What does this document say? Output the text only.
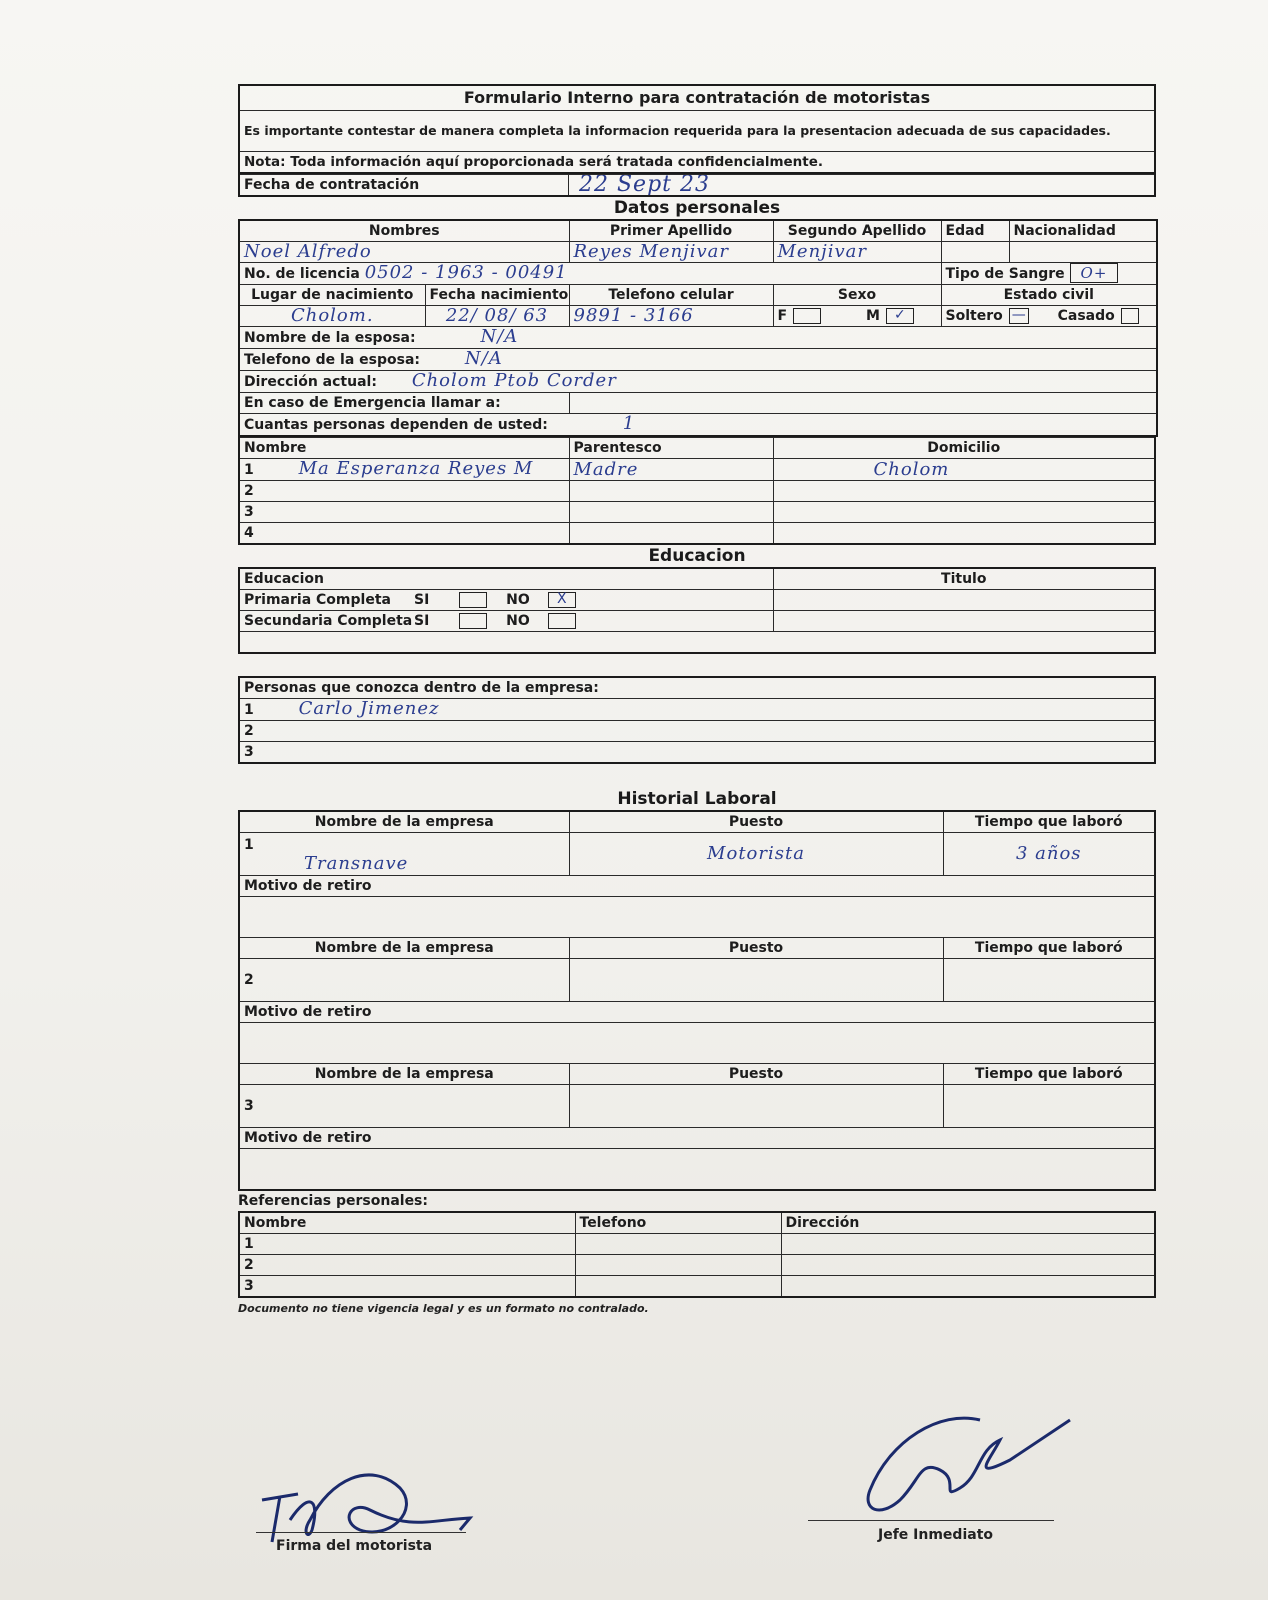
Formulario Interno para contratación de motoristas
Es importante contestar de manera completa la informacion requerida para la presentacion adecuada de sus capacidades.
Nota: Toda información aquí proporcionada será tratada confidencialmente.
Fecha de contratación	22 Sept 23
Datos personales
Nombres		Primer Apellido	Segundo Apellido	Edad	Nacionalidad
Noel Alfredo		Reyes Menjivar	Menjivar		
No. de licencia 0502 - 1963 - 00491				Tipo de Sangre O+	
Lugar de nacimiento	Fecha nacimiento	Telefono celular	Sexo	Estado civil	
Cholom.	22/ 08/ 63	9891 - 3166	F M ✓	Soltero — Casado	
Nombre de la esposa: N/A					
Telefono de la esposa: N/A					
Dirección actual: Cholom Ptob Corder					
En caso de Emergencia llamar a:					
Cuantas personas dependen de usted: 1					
Nombre	Parentesco	Domicilio
1 Ma Esperanza Reyes M	Madre	Cholom
2		
3		
4		
Educacion
Educacion	Titulo
Primaria Completa SI NO X	

Secundaria Completa SI NO	

Personas que conozca dentro de la empresa:
1 Carlo Jimenez
2
3
Historial Laboral
Nombre de la empresa	Puesto	Tiempo que laboró

1
Transnave	Motorista	3 años
Motivo de retiro		

Nombre de la empresa	Puesto	Tiempo que laboró
2		
Motivo de retiro		

Nombre de la empresa	Puesto	Tiempo que laboró
3		
Motivo de retiro		

Referencias personales:
Nombre	Telefono	Dirección
1		
2		
3		
Documento no tiene vigencia legal y es un formato no contralado.
Firma del motorista
Jefe Inmediato
